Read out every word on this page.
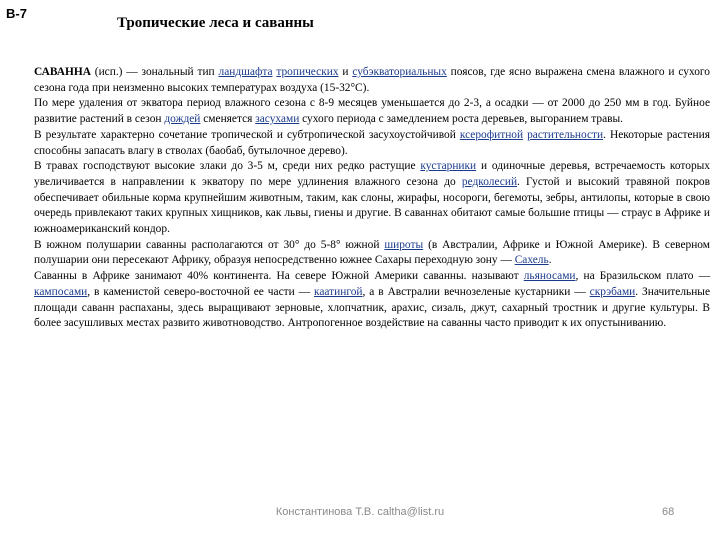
В-7
Тропические леса и саванны

САВАННА (исп.) — зональный тип ландшафта тропических и субэкваториальных поясов, где ясно выражена смена влажного и сухого сезона года при неизменно высоких температурах воздуха (15-32°С).

По мере удаления от экватора период влажного сезона с 8-9 месяцев уменьшается до 2-3, а осадки — от 2000 до 250 мм в год. Буйное развитие растений в сезон дождей сменяется засухами сухого периода с замедлением роста деревьев, выгоранием травы.

В результате характерно сочетание тропической и субтропической засухоустойчивой ксерофитной растительности. Некоторые растения способны запасать влагу в стволах (баобаб, бутылочное дерево).

В травах господствуют высокие злаки до 3-5 м, среди них редко растущие кустарники и одиночные деревья, встречаемость которых увеличивается в направлении к экватору по мере удлинения влажного сезона до редколесий. Густой и высокий травяной покров обеспечивает обильные корма крупнейшим животным, таким, как слоны, жирафы, носороги, бегемоты, зебры, антилопы, которые в свою очередь привлекают таких крупных хищников, как львы, гиены и другие. В саваннах обитают самые большие птицы — страус в Африке и южноамериканский кондор.

В южном полушарии саванны располагаются от 30° до 5-8° южной широты (в Австралии, Африке и Южной Америке). В северном полушарии они пересекают Африку, образуя непосредственно южнее Сахары переходную зону — Сахель.

Саванны в Африке занимают 40% континента. На севере Южной Америки саванны. называют льяносами, на Бразильском плато — кампосами, в каменистой северо-восточной ее части — каатингой, а в Австралии вечнозеленые кустарники — скрэбами. Значительные площади саванн распаханы, здесь выращивают зерновые, хлопчатник, арахис, сизаль, джут, сахарный тростник и другие культуры. В более засушливых местах развито животноводство. Антропогенное воздействие на саванны часто приводит к их опустыниванию.

Константинова Т.В. caltha@list.ru	68
